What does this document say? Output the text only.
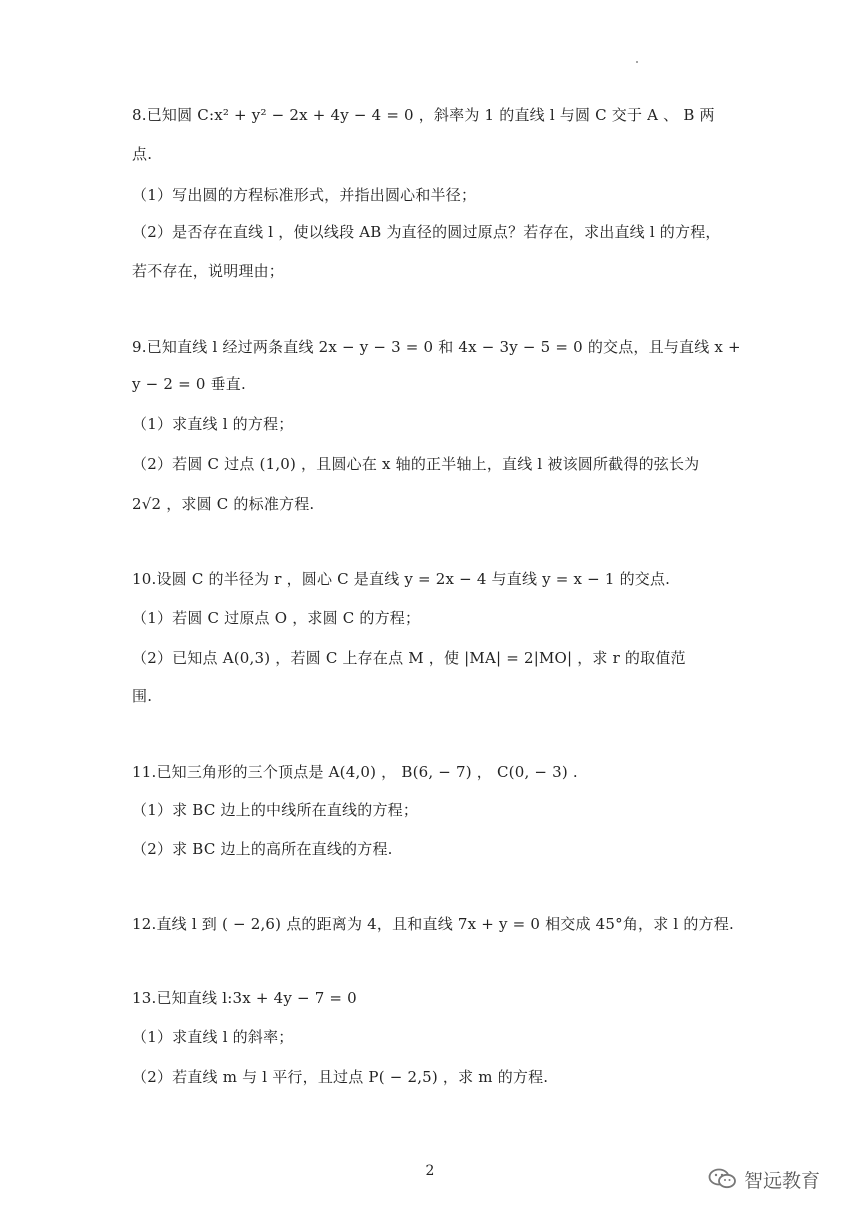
8.已知圆 C:x² + y² − 2x + 4y − 4 = 0 ，斜率为 1 的直线 l 与圆 C 交于 A 、 B 两
点.
（1）写出圆的方程标准形式，并指出圆心和半径；
（2）是否存在直线 l ，使以线段 AB 为直径的圆过原点？若存在，求出直线 l 的方程，
若不存在，说明理由；
9.已知直线 l 经过两条直线 2x − y − 3 = 0 和 4x − 3y − 5 = 0 的交点，且与直线 x +
y − 2 = 0 垂直.
（1）求直线 l 的方程；
（2）若圆 C 过点 (1,0) ，且圆心在 x 轴的正半轴上，直线 l 被该圆所截得的弦长为
2√2 ，求圆 C 的标准方程.
10.设圆 C 的半径为 r ，圆心 C 是直线 y = 2x − 4 与直线 y = x − 1 的交点.
（1）若圆 C 过原点 O ，求圆 C 的方程；
（2）已知点 A(0,3) ，若圆 C 上存在点 M ，使 |MA| = 2|MO| ，求 r 的取值范
围.
11.已知三角形的三个顶点是 A(4,0) ， B(6, − 7) ， C(0, − 3) .
（1）求 BC 边上的中线所在直线的方程；
（2）求 BC 边上的高所在直线的方程.
12.直线 l 到 ( − 2,6) 点的距离为 4，且和直线 7x + y = 0 相交成 45°角，求 l 的方程.
13.已知直线 l:3x + 4y − 7 = 0
（1）求直线 l 的斜率；
（2）若直线 m 与 l 平行，且过点 P( − 2,5) ，求 m 的方程.
2	智远教育
